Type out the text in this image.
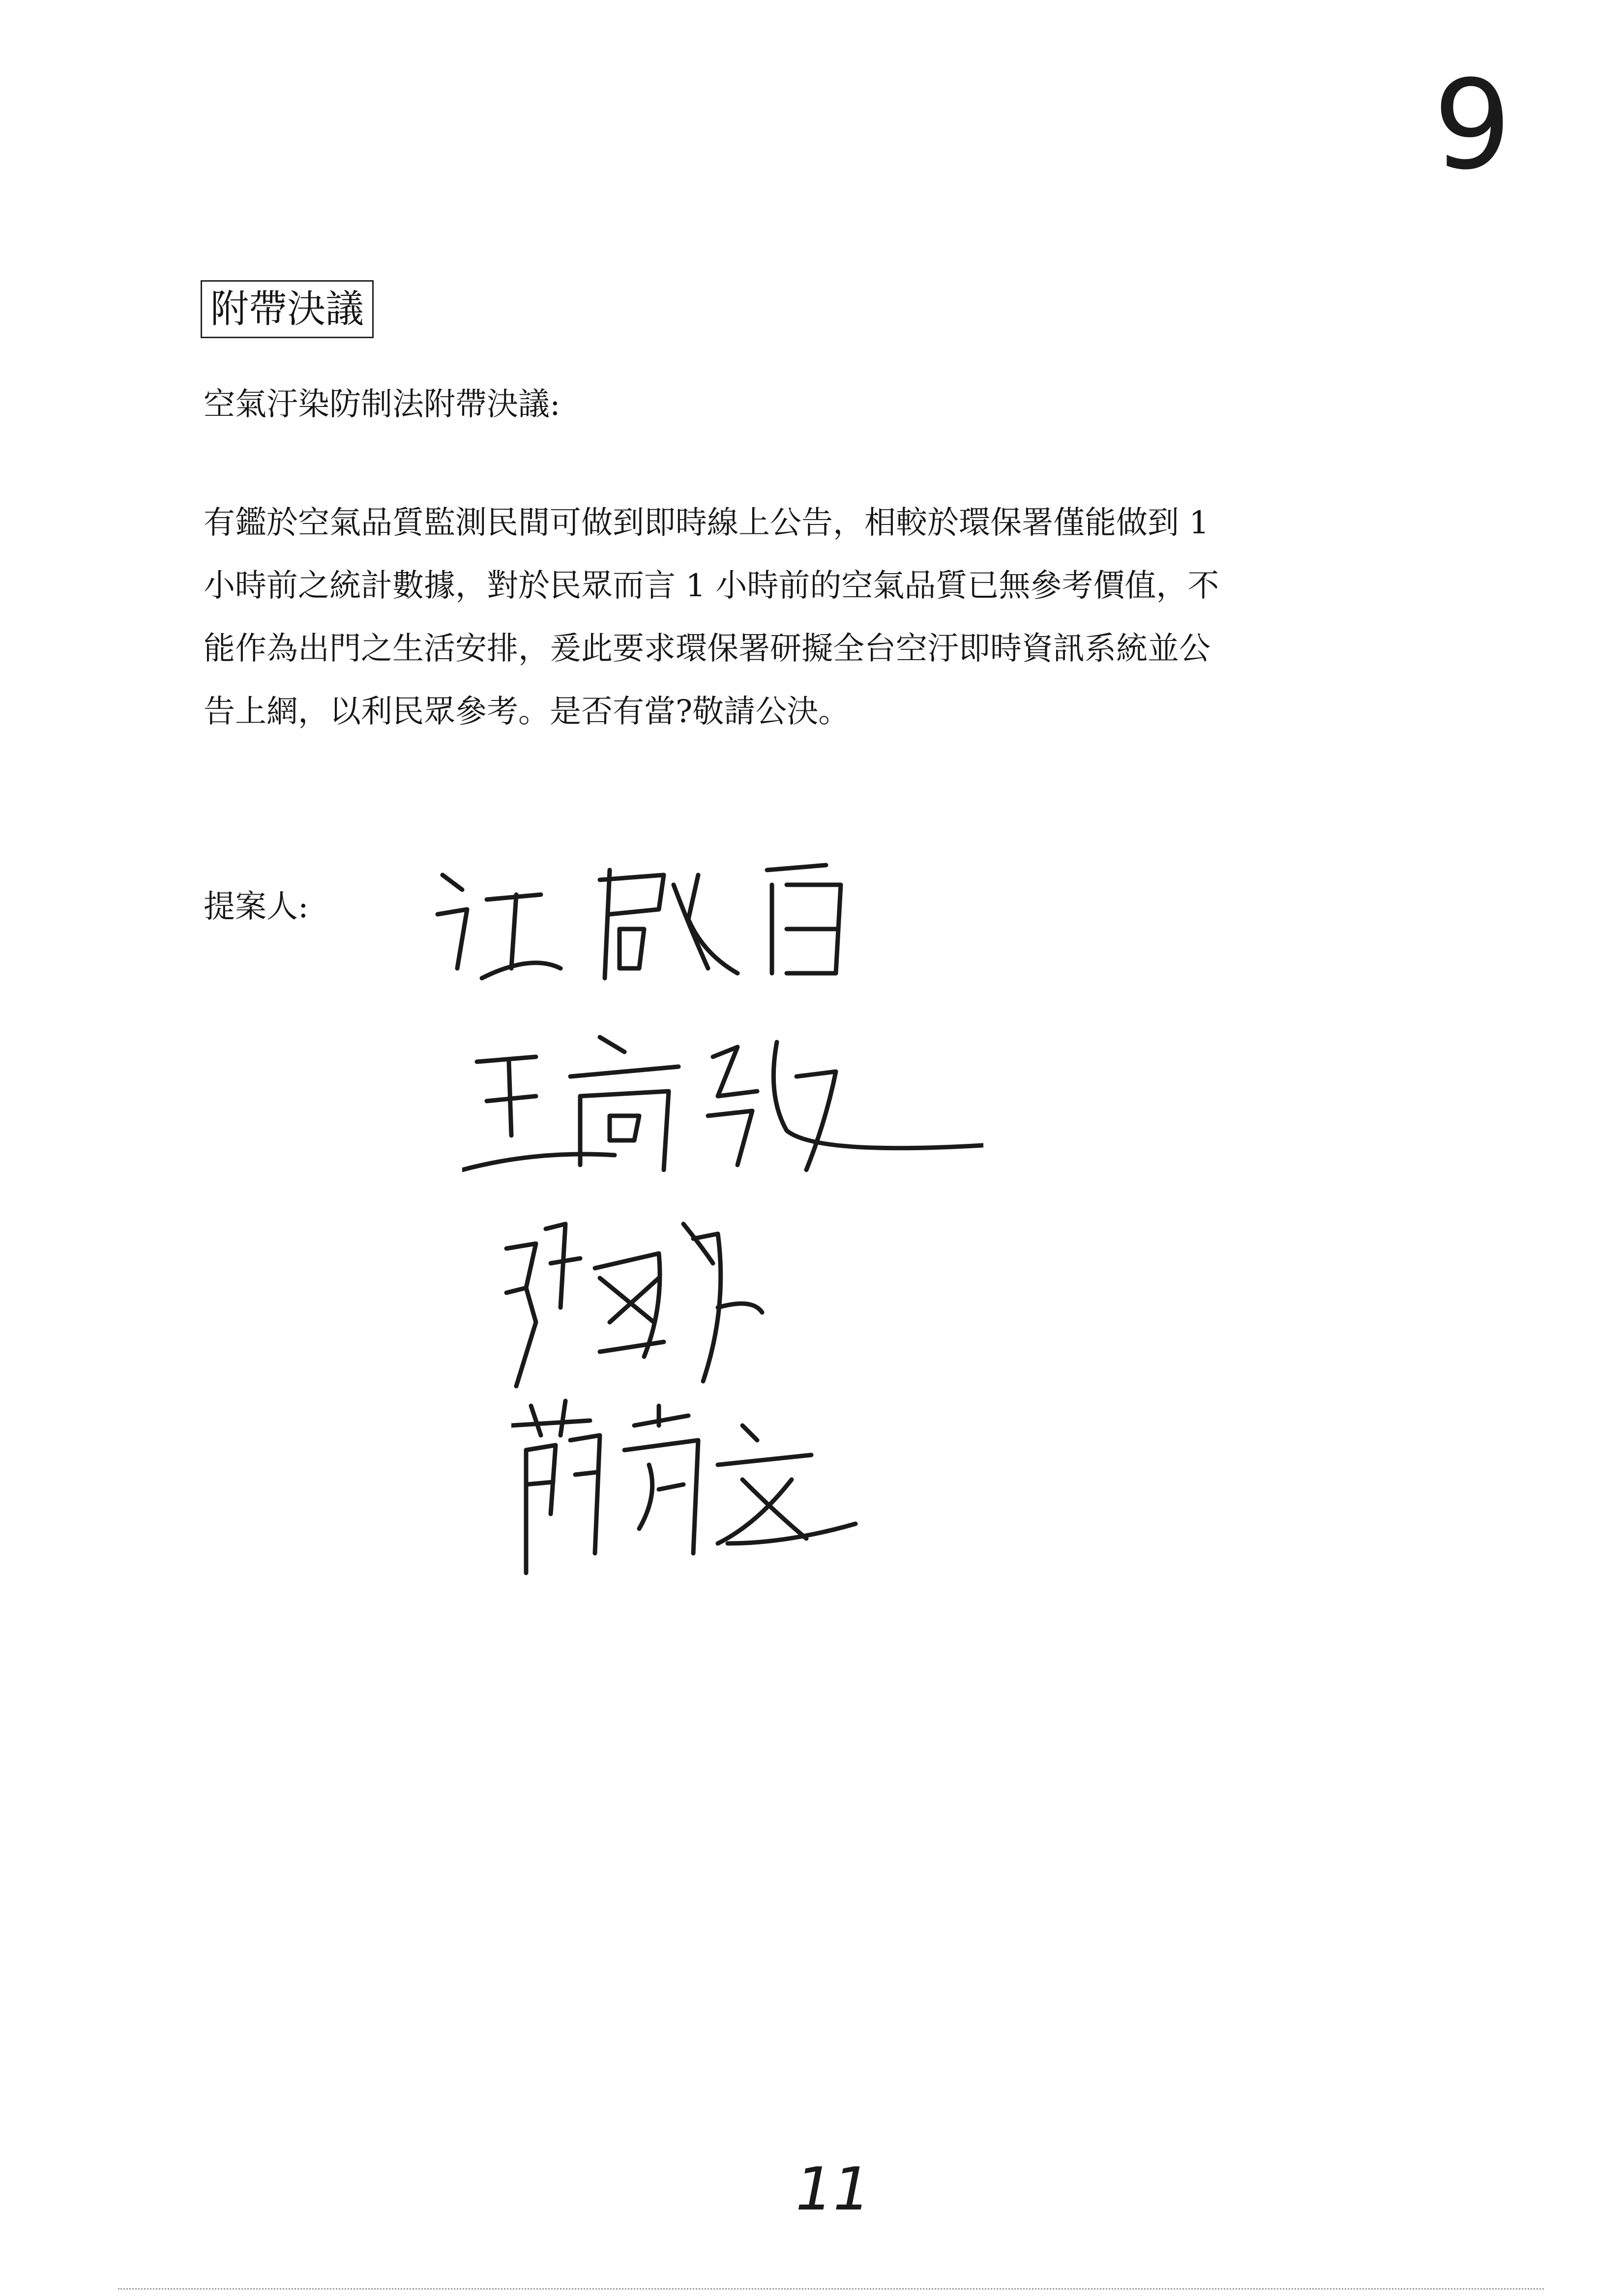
9
附帶決議
空氣汙染防制法附帶決議:

有鑑於空氣品質監測民間可做到即時線上公告，相較於環保署僅能做到 1

小時前之統計數據，對於民眾而言 1 小時前的空氣品質已無參考價值，不

能作為出門之生活安排，爰此要求環保署研擬全台空汙即時資訊系統並公

告上網，以利民眾參考。是否有當?敬請公決。

提案人:
11
